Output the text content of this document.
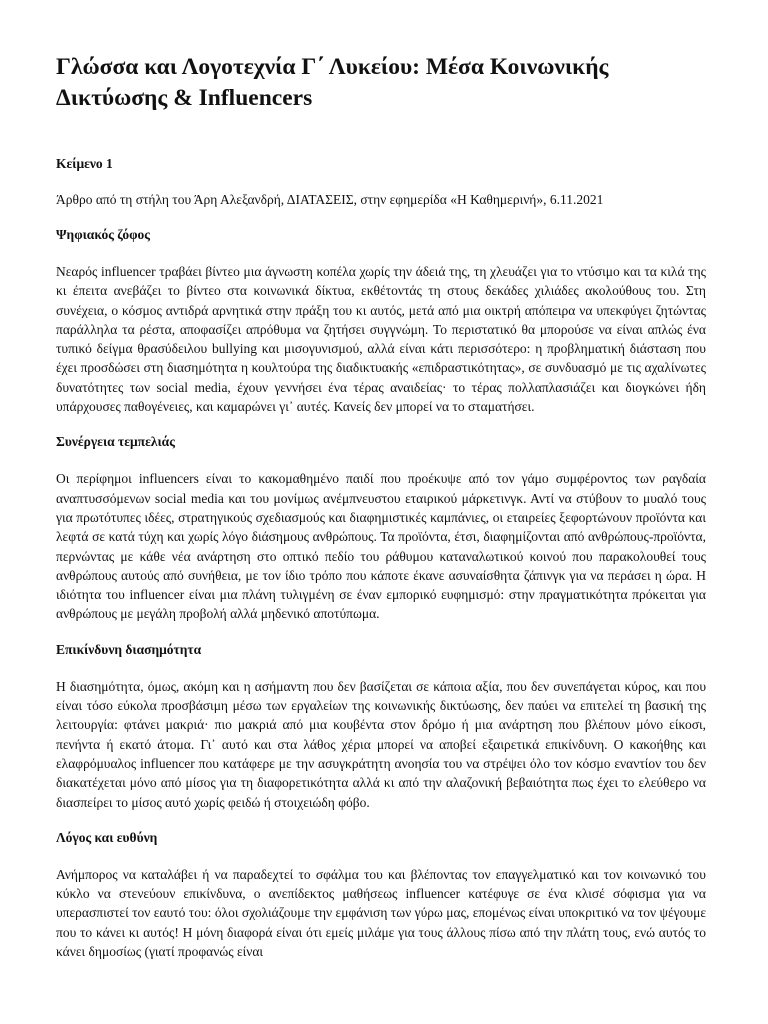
Γλώσσα και Λογοτεχνία Γ΄ Λυκείου: Μέσα Κοινωνικής Δικτύωσης & Influencers
Κείμενο 1
Άρθρο από τη στήλη του Άρη Αλεξανδρή, ΔΙΑΤΑΣΕΙΣ, στην εφημερίδα «Η Καθημερινή», 6.11.2021
Ψηφιακός ζόφος

Νεαρός influencer τραβάει βίντεο μια άγνωστη κοπέλα χωρίς την άδειά της, τη χλευάζει για το ντύσιμο και τα κιλά της κι έπειτα ανεβάζει το βίντεο στα κοινωνικά δίκτυα, εκθέτοντάς τη στους δεκάδες χιλιάδες ακολούθους του. Στη συνέχεια, ο κόσμος αντιδρά αρνητικά στην πράξη του κι αυτός, μετά από μια οικτρή απόπειρα να υπεκφύγει ζητώντας παράλληλα τα ρέστα, αποφασίζει απρόθυμα να ζητήσει συγγνώμη. Το περιστατικό θα μπορούσε να είναι απλώς ένα τυπικό δείγμα θρασύδειλου bullying και μισογυνισμού, αλλά είναι κάτι περισσότερο: η προβληματική διάσταση που έχει προσδώσει στη διασημότητα η κουλτούρα της διαδικτυακής «επιδραστικότητας», σε συνδυασμό με τις αχαλίνωτες δυνατότητες των social media, έχουν γεννήσει ένα τέρας αναιδείας· το τέρας πολλαπλασιάζει και διογκώνει ήδη υπάρχουσες παθογένειες, και καμαρώνει γι᾽ αυτές. Κανείς δεν μπορεί να το σταματήσει.

Συνέργεια τεμπελιάς

Οι περίφημοι influencers είναι το κακομαθημένο παιδί που προέκυψε από τον γάμο συμφέροντος των ραγδαία αναπτυσσόμενων social media και του μονίμως ανέμπνευστου εταιρικού μάρκετινγκ. Αντί να στύβουν το μυαλό τους για πρωτότυπες ιδέες, στρατηγικούς σχεδιασμούς και διαφημιστικές καμπάνιες, οι εταιρείες ξεφορτώνουν προϊόντα και λεφτά σε κατά τύχη και χωρίς λόγο διάσημους ανθρώπους. Τα προϊόντα, έτσι, διαφημίζονται από ανθρώπους-προϊόντα, περνώντας με κάθε νέα ανάρτηση στο οπτικό πεδίο του ράθυμου καταναλωτικού κοινού που παρακολουθεί τους ανθρώπους αυτούς από συνήθεια, με τον ίδιο τρόπο που κάποτε έκανε ασυναίσθητα ζάπινγκ για να περάσει η ώρα. Η ιδιότητα του influencer είναι μια πλάνη τυλιγμένη σε έναν εμπορικό ευφημισμό: στην πραγματικότητα πρόκειται για ανθρώπους με μεγάλη προβολή αλλά μηδενικό αποτύπωμα.

Επικίνδυνη διασημότητα

Η διασημότητα, όμως, ακόμη και η ασήμαντη που δεν βασίζεται σε κάποια αξία, που δεν συνεπάγεται κύρος, και που είναι τόσο εύκολα προσβάσιμη μέσω των εργαλείων της κοινωνικής δικτύωσης, δεν παύει να επιτελεί τη βασική της λειτουργία: φτάνει μακριά· πιο μακριά από μια κουβέντα στον δρόμο ή μια ανάρτηση που βλέπουν μόνο είκοσι, πενήντα ή εκατό άτομα. Γι᾽ αυτό και στα λάθος χέρια μπορεί να αποβεί εξαιρετικά επικίνδυνη. Ο κακοήθης και ελαφρόμυαλος influencer που κατάφερε με την ασυγκράτητη ανοησία του να στρέψει όλο τον κόσμο εναντίον του δεν διακατέχεται μόνο από μίσος για τη διαφορετικότητα αλλά κι από την αλαζονική βεβαιότητα πως έχει το ελεύθερο να διασπείρει το μίσος αυτό χωρίς φειδώ ή στοιχειώδη φόβο.

Λόγος και ευθύνη

Ανήμπορος να καταλάβει ή να παραδεχτεί το σφάλμα του και βλέποντας τον επαγγελματικό και τον κοινωνικό του κύκλο να στενεύουν επικίνδυνα, ο ανεπίδεκτος μαθήσεως influencer κατέφυγε σε ένα κλισέ σόφισμα για να υπερασπιστεί τον εαυτό του: όλοι σχολιάζουμε την εμφάνιση των γύρω μας, επομένως είναι υποκριτικό να τον ψέγουμε που το κάνει κι αυτός! Η μόνη διαφορά είναι ότι εμείς μιλάμε για τους άλλους πίσω από την πλάτη τους, ενώ αυτός το κάνει δημοσίως (γιατί προφανώς είναι
